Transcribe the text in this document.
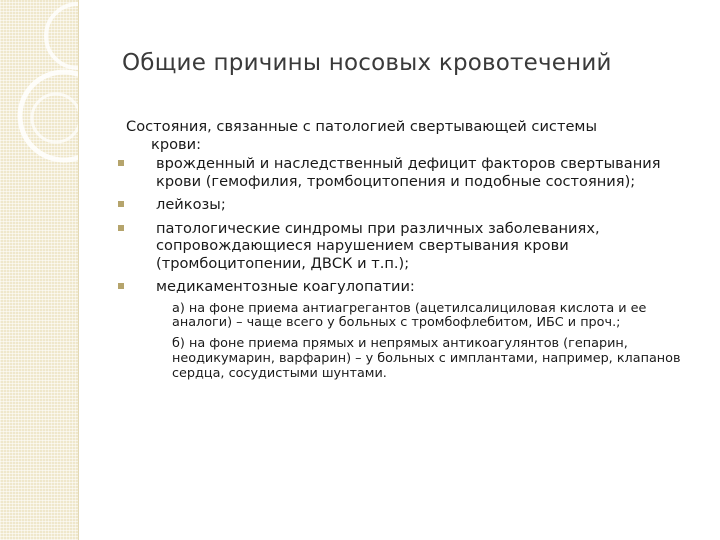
Общие причины носовых кровотечений

Состояния, связанные с патологией свертывающей системы
крови:

врожденный и наследственный дефицит факторов свертывания крови (гемофилия, тромбоцитопения и подобные состояния);
лейкозы;
патологические синдромы при различных заболеваниях, сопровождающиеся нарушением свертывания крови (тромбоцитопении, ДВСК и т.п.);
медикаментозные коагулопатии:

а) на фоне приема антиагрегантов (ацетилсалициловая кислота и ее аналоги) – чаще всего у больных с тромбофлебитом, ИБС и проч.;

б) на фоне приема прямых и непрямых антикоагулянтов (гепарин, неодикумарин, варфарин) – у больных с имплантами, например, клапанов сердца, сосудистыми шунтами.
